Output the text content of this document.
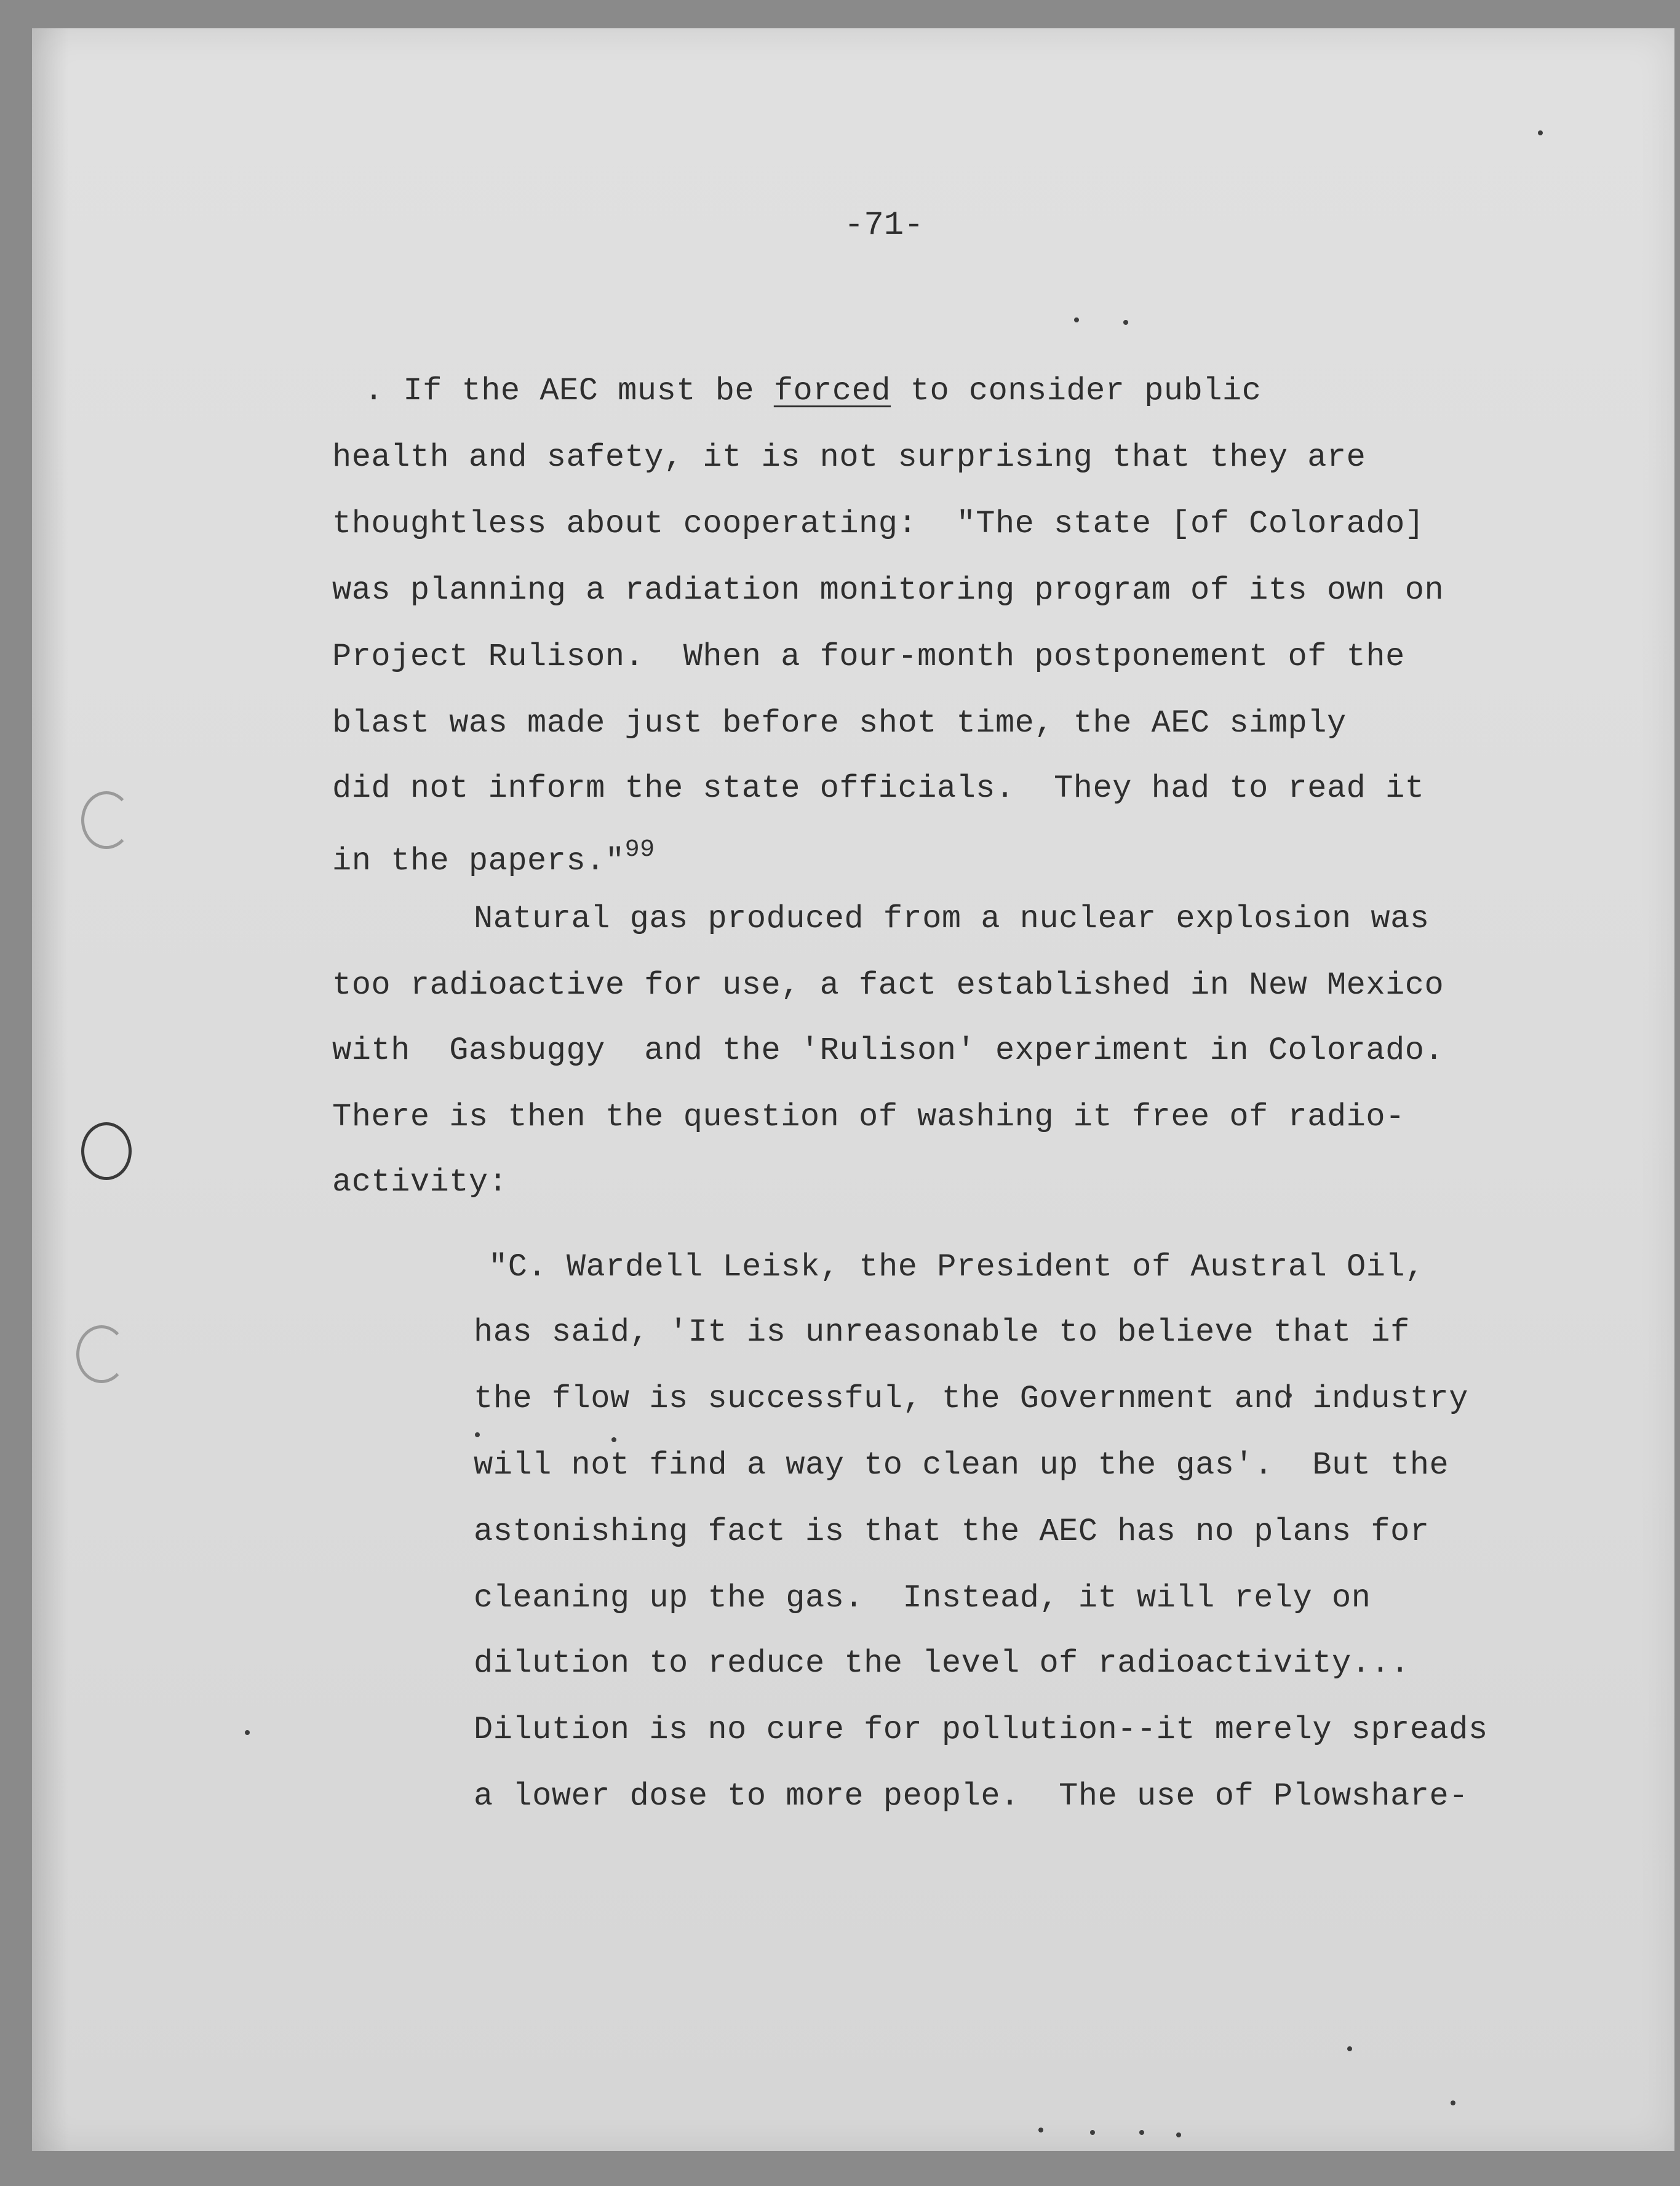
-71-
. If the AEC must be forced to consider public
health and safety, it is not surprising that they are
thoughtless about cooperating:  "The state [of Colorado]
was planning a radiation monitoring program of its own on
Project Rulison.  When a four-month postponement of the
blast was made just before shot time, the AEC simply
did not inform the state officials.  They had to read it
in the papers."$^{99}$
Natural gas produced from a nuclear explosion was
too radioactive for use, a fact established in New Mexico
with  Gasbuggy  and the 'Rulison' experiment in Colorado.
There is then the question of washing it free of radio-
activity:
"C. Wardell Leisk, the President of Austral Oil,
has said, 'It is unreasonable to believe that if
the flow is successful, the Government and industry
will not find a way to clean up the gas'.  But the
astonishing fact is that the AEC has no plans for
cleaning up the gas.  Instead, it will rely on
dilution to reduce the level of radioactivity...
Dilution is no cure for pollution--it merely spreads
a lower dose to more people.  The use of Plowshare-
